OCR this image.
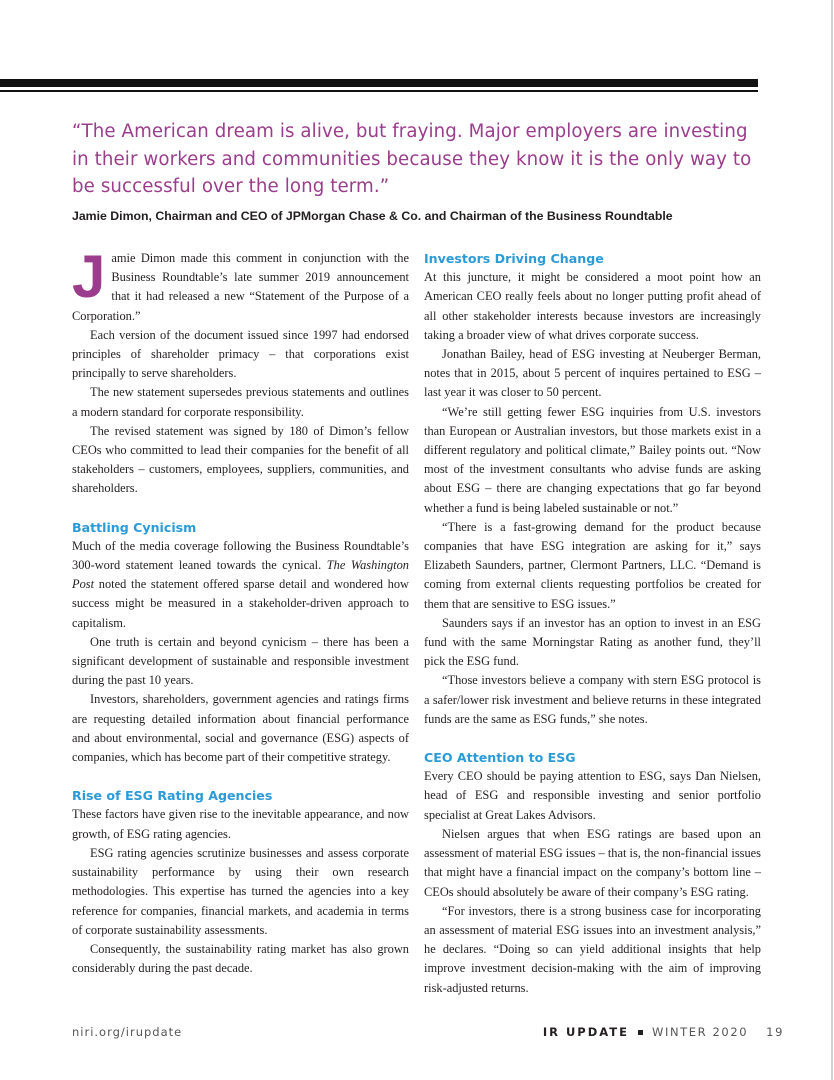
“The American dream is alive, but fraying. Major employers are investing in their workers and communities because they know it is the only way to be successful over the long term.”

Jamie Dimon, Chairman and CEO of JPMorgan Chase & Co. and Chairman of the Business Roundtable

Jamie Dimon made this comment in conjunction with the Business Roundtable’s late summer 2019 announcement that it had released a new “Statement of the Purpose of a Corporation.”

Each version of the document issued since 1997 had endorsed principles of shareholder primacy – that corporations exist principally to serve shareholders.

The new statement supersedes previous statements and outlines a modern standard for corporate responsibility.

The revised statement was signed by 180 of Dimon’s fellow CEOs who committed to lead their companies for the benefit of all stakeholders – customers, employees, suppliers, communities, and shareholders.

Battling Cynicism

Much of the media coverage following the Business Roundtable’s 300-word statement leaned towards the cynical. The Washington Post noted the statement offered sparse detail and wondered how success might be measured in a stakeholder-driven approach to capitalism.

One truth is certain and beyond cynicism – there has been a significant development of sustainable and responsible investment during the past 10 years.

Investors, shareholders, government agencies and ratings firms are requesting detailed information about financial performance and about environmental, social and governance (ESG) aspects of companies, which has become part of their competitive strategy.

Rise of ESG Rating Agencies

These factors have given rise to the inevitable appearance, and now growth, of ESG rating agencies.

ESG rating agencies scrutinize businesses and assess corporate sustainability performance by using their own research methodologies. This expertise has turned the agencies into a key reference for companies, financial markets, and academia in terms of corporate sustainability assessments.

Consequently, the sustainability rating market has also grown considerably during the past decade.

Investors Driving Change

At this juncture, it might be considered a moot point how an American CEO really feels about no longer putting profit ahead of all other stakeholder interests because investors are increasingly taking a broader view of what drives corporate success.

Jonathan Bailey, head of ESG investing at Neuberger Berman, notes that in 2015, about 5 percent of inquires pertained to ESG – last year it was closer to 50 percent.

“We’re still getting fewer ESG inquiries from U.S. investors than European or Australian investors, but those markets exist in a different regulatory and political climate,” Bailey points out. “Now most of the investment consultants who advise funds are asking about ESG – there are changing expectations that go far beyond whether a fund is being labeled sustainable or not.”

“There is a fast-growing demand for the product because companies that have ESG integration are asking for it,” says Elizabeth Saunders, partner, Clermont Partners, LLC. “Demand is coming from external clients requesting portfolios be created for them that are sensitive to ESG issues.”

Saunders says if an investor has an option to invest in an ESG fund with the same Morningstar Rating as another fund, they’ll pick the ESG fund.

“Those investors believe a company with stern ESG protocol is a safer/lower risk investment and believe returns in these integrated funds are the same as ESG funds,” she notes.

CEO Attention to ESG

Every CEO should be paying attention to ESG, says Dan Nielsen, head of ESG and responsible investing and senior portfolio specialist at Great Lakes Advisors.

Nielsen argues that when ESG ratings are based upon an assessment of material ESG issues – that is, the non-financial issues that might have a financial impact on the company’s bottom line – CEOs should absolutely be aware of their company’s ESG rating.

“For investors, there is a strong business case for incorporating an assessment of material ESG issues into an investment analysis,” he declares. “Doing so can yield additional insights that help improve investment decision-making with the aim of improving risk-adjusted returns.

niri.org/irupdate	IR UPDATE WINTER 2020 19
